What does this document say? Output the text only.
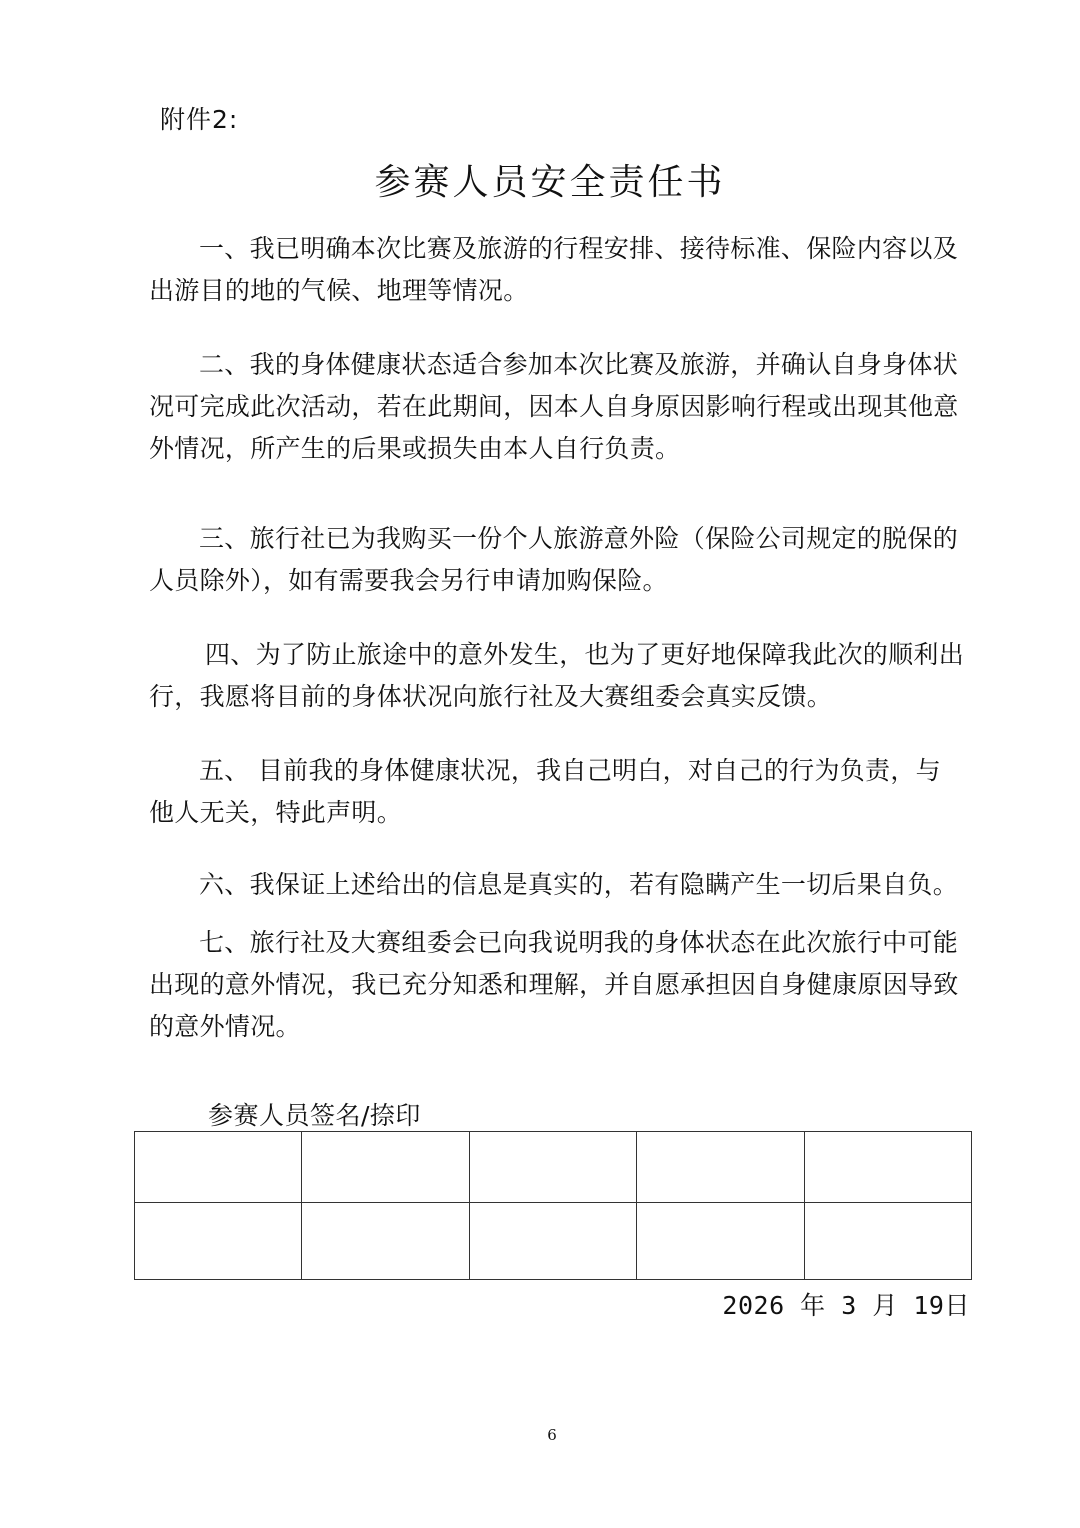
附件2:
参赛人员安全责任书

一、我已明确本次比赛及旅游的行程安排、接待标准、保险内容以及出游目的地的气候、地理等情况。

二、我的身体健康状态适合参加本次比赛及旅游，并确认自身身体状况可完成此次活动，若在此期间，因本人自身原因影响行程或出现其他意外情况，所产生的后果或损失由本人自行负责。

三、旅行社已为我购买一份个人旅游意外险（保险公司规定的脱保的人员除外），如有需要我会另行申请加购保险。

四、为了防止旅途中的意外发生，也为了更好地保障我此次的顺利出行，我愿将目前的身体状况向旅行社及大赛组委会真实反馈。

五、 目前我的身体健康状况，我自己明白，对自己的行为负责，与他人无关，特此声明。

六、我保证上述给出的信息是真实的，若有隐瞒产生一切后果自负。

七、旅行社及大赛组委会已向我说明我的身体状态在此次旅行中可能出现的意外情况，我已充分知悉和理解，并自愿承担因自身健康原因导致的意外情况。

参赛人员签名/捺印

2026 年 3 月 19日
6
